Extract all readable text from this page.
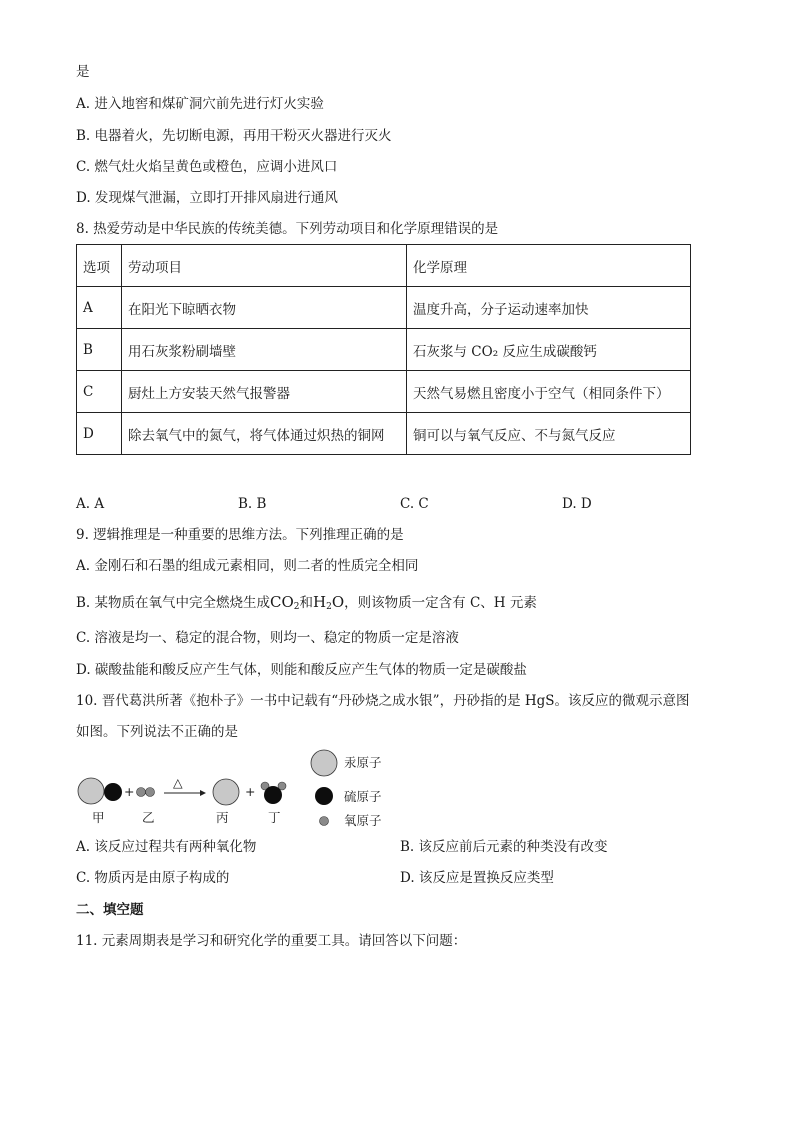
是
A. 进入地窖和煤矿洞穴前先进行灯火实验
B. 电器着火，先切断电源，再用干粉灭火器进行灭火
C. 燃气灶火焰呈黄色或橙色，应调小进风口
D. 发现煤气泄漏，立即打开排风扇进行通风
8. 热爱劳动是中华民族的传统美德。下列劳动项目和化学原理错误的是
选项	劳动项目	化学原理
A	在阳光下晾晒衣物	温度升高，分子运动速率加快
B	用石灰浆粉刷墙壁	石灰浆与 CO₂ 反应生成碳酸钙
C	厨灶上方安装天然气报警器	天然气易燃且密度小于空气（相同条件下）
D	除去氧气中的氮气，将气体通过炽热的铜网	铜可以与氧气反应、不与氮气反应
A. A	B. B	C. C	D. D
9. 逻辑推理是一种重要的思维方法。下列推理正确的是
A. 金刚石和石墨的组成元素相同，则二者的性质完全相同
B. 某物质在氧气中完全燃烧生成$CO_2$和$H_2O$，则该物质一定含有 C、H 元素
C. 溶液是均一、稳定的混合物，则均一、稳定的物质一定是溶液
D. 碳酸盐能和酸反应产生气体，则能和酸反应产生气体的物质一定是碳酸盐
10. 晋代葛洪所著《抱朴子》一书中记载有“丹砂烧之成水银”，丹砂指的是 HgS。该反应的微观示意图
如图。下列说法不正确的是
+
△
+
甲	乙	丙	丁
汞原子
硫原子
氧原子
A. 该反应过程共有两种氧化物	B. 该反应前后元素的种类没有改变
C. 物质丙是由原子构成的	D. 该反应是置换反应类型
二、填空题
11. 元素周期表是学习和研究化学的重要工具。请回答以下问题：
